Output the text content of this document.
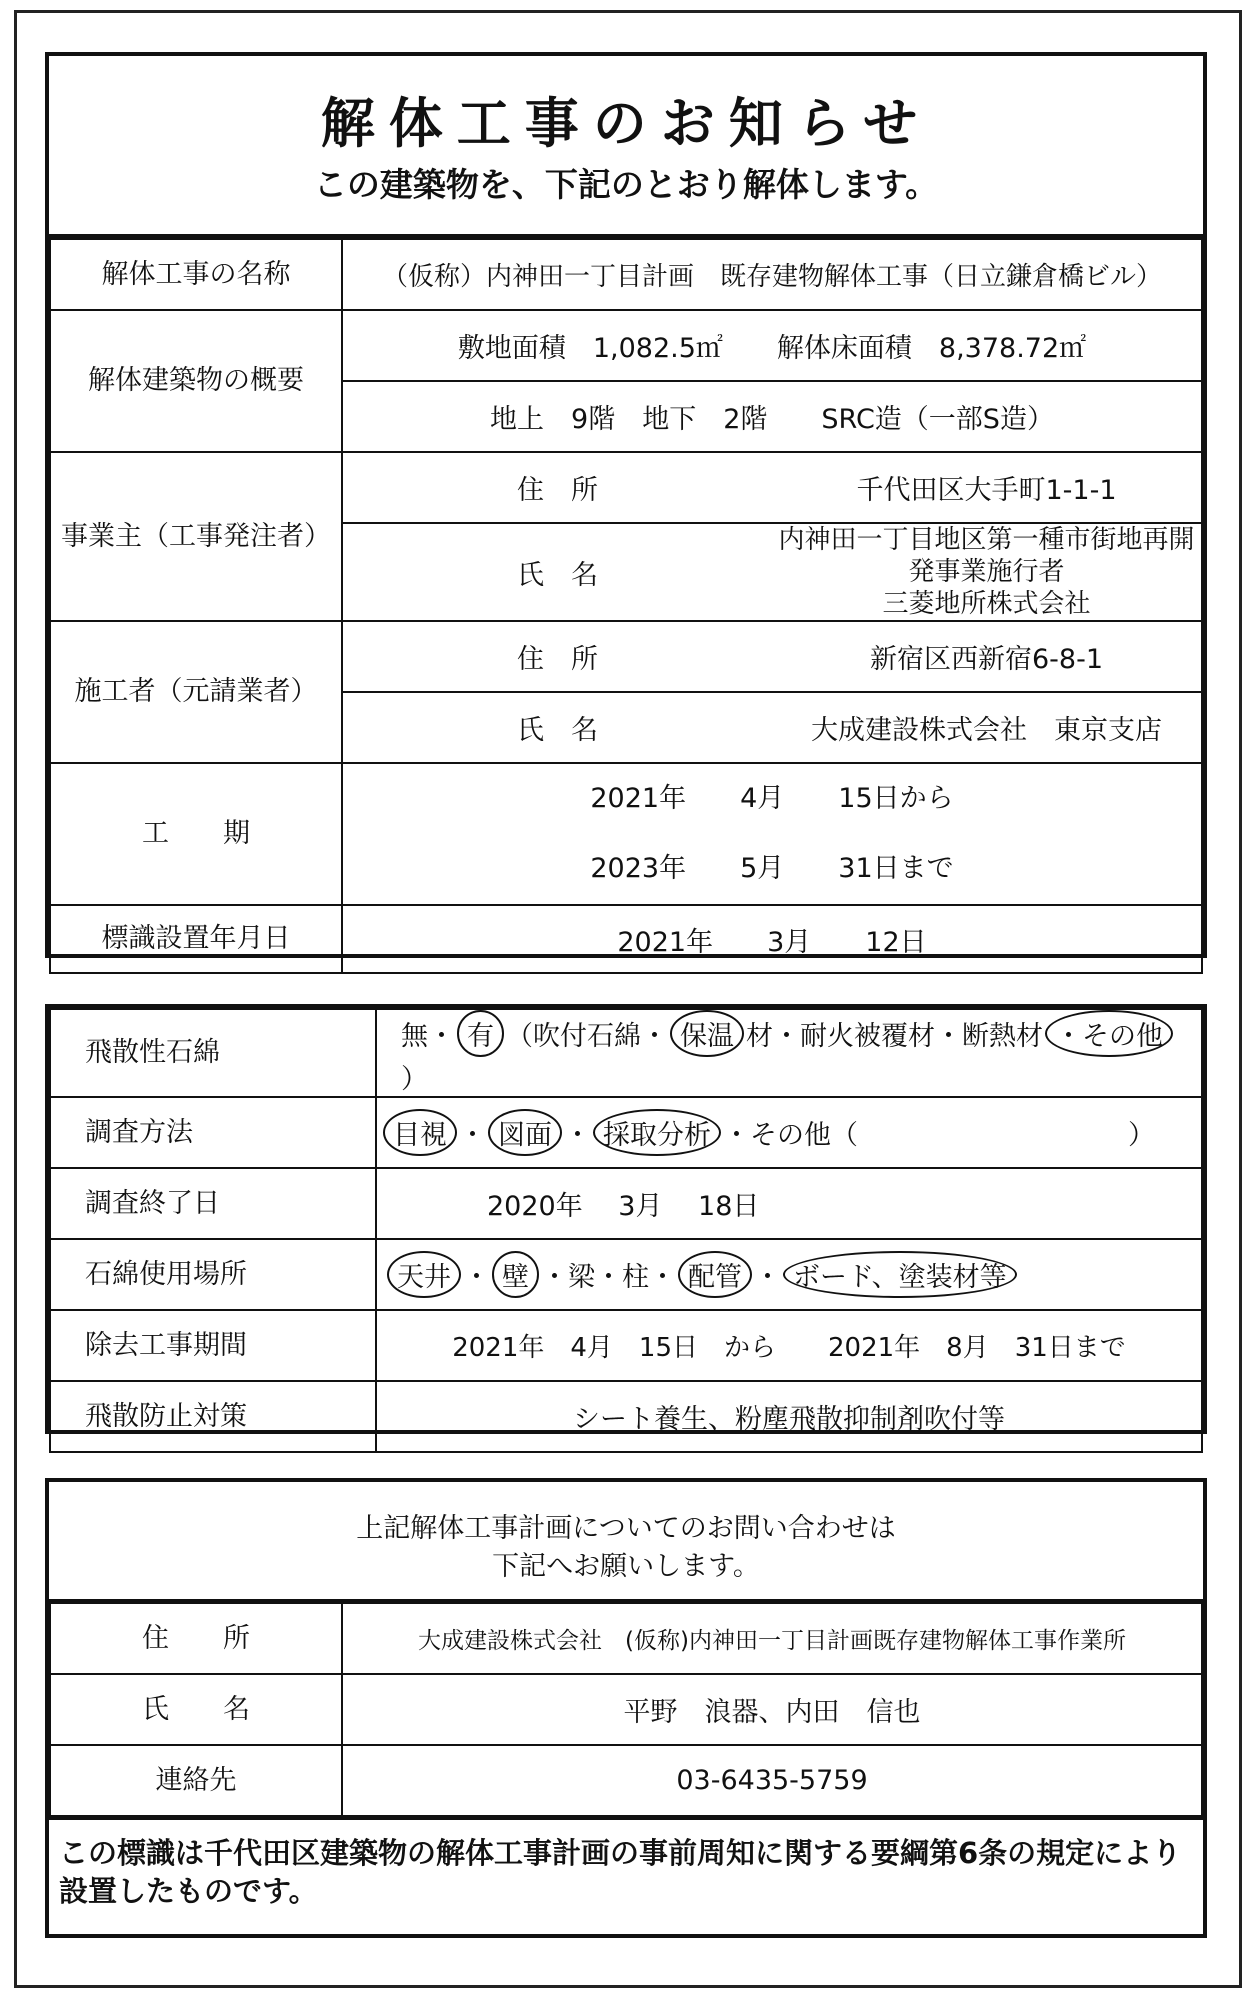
解体工事のお知らせ
この建築物を、下記のとおり解体します。
解体工事の名称	（仮称）内神田一丁目計画　既存建物解体工事（日立鎌倉橋ビル）	
解体建築物の概要	敷地面積　1,082.5㎡　　解体床面積　8,378.72㎡	
	地上　9階　地下　2階　　SRC造（一部S造）	
事業主（工事発注者）	住　所	千代田区大手町1-1-1
	氏　名	内神田一丁目地区第一種市街地再開発事業施行者
三菱地所株式会社

施工者（元請業者）	住　所	新宿区西新宿6-8-1
	氏　名	大成建設株式会社　東京支店
工　　期	2021年　　4月　　15日から
2023年　　5月　　31日まで	

標識設置年月日	2021年　　3月　　12日	
飛散性石綿	無・ 有 （吹付石綿・ 保温 材・耐火被覆材・断熱材 ・その他）
調査方法	目視 ・ 図面 ・ 採取分析 ・その他（　　　　　　　　　　）
調査終了日	2020年　 3月　 18日
石綿使用場所	天井 ・ 壁 ・梁・柱・ 配管 ・ ボード、塗装材等
除去工事期間	2021年　4月　15日　から　　2021年　8月　31日まで
飛散防止対策	シート養生、粉塵飛散抑制剤吹付等
上記解体工事計画についてのお問い合わせは
下記へお願いします。
住　　所	大成建設株式会社　(仮称)内神田一丁目計画既存建物解体工事作業所
氏　　名	平野　浪器、内田　信也
連絡先	03-6435-5759
この標識は千代田区建築物の解体工事計画の事前周知に関する要綱第6条の規定により設置したものです。
